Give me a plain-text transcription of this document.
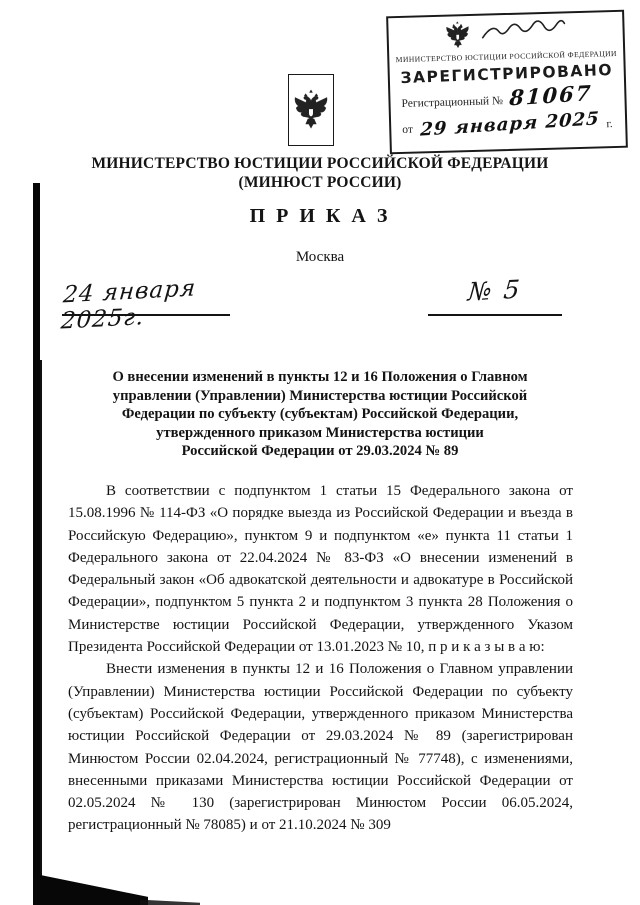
МИНИСТЕРСТВО ЮСТИЦИИ РОССИЙСКОЙ ФЕДЕРАЦИИ
ЗАРЕГИСТРИРОВАНО
Регистрационный № 81067
от 29 января 2025 г.
МИНИСТЕРСТВО ЮСТИЦИИ РОССИЙСКОЙ ФЕДЕРАЦИИ
(МИНЮСТ РОССИИ)
П Р И К А З
Москва
24 января 2025г.
№ 5
О внесении изменений в пункты 12 и 16 Положения о Главном
управлении (Управлении) Министерства юстиции Российской
Федерации по субъекту (субъектам) Российской Федерации,
утвержденного приказом Министерства юстиции
Российской Федерации от 29.03.2024 № 89

В соответствии с подпунктом 1 статьи 15 Федерального закона от 15.08.1996 № 114-ФЗ «О порядке выезда из Российской Федерации и въезда в Российскую Федерацию», пунктом 9 и подпунктом «е» пункта 11 статьи 1 Федерального закона от 22.04.2024 № 83-ФЗ «О внесении изменений в Федеральный закон «Об адвокатской деятельности и адвокатуре в Российской Федерации», подпунктом 5 пункта 2 и подпунктом 3 пункта 28 Положения о Министерстве юстиции Российской Федерации, утвержденного Указом Президента Российской Федерации от 13.01.2023 № 10, п р и к а з ы в а ю:

Внести изменения в пункты 12 и 16 Положения о Главном управлении (Управлении) Министерства юстиции Российской Федерации по субъекту (субъектам) Российской Федерации, утвержденного приказом Министерства юстиции Российской Федерации от 29.03.2024 № 89 (зарегистрирован Минюстом России 02.04.2024, регистрационный № 77748), с изменениями, внесенными приказами Министерства юстиции Российской Федерации от 02.05.2024 № 130 (зарегистрирован Минюстом России 06.05.2024, регистрационный № 78085) и от 21.10.2024 № 309
